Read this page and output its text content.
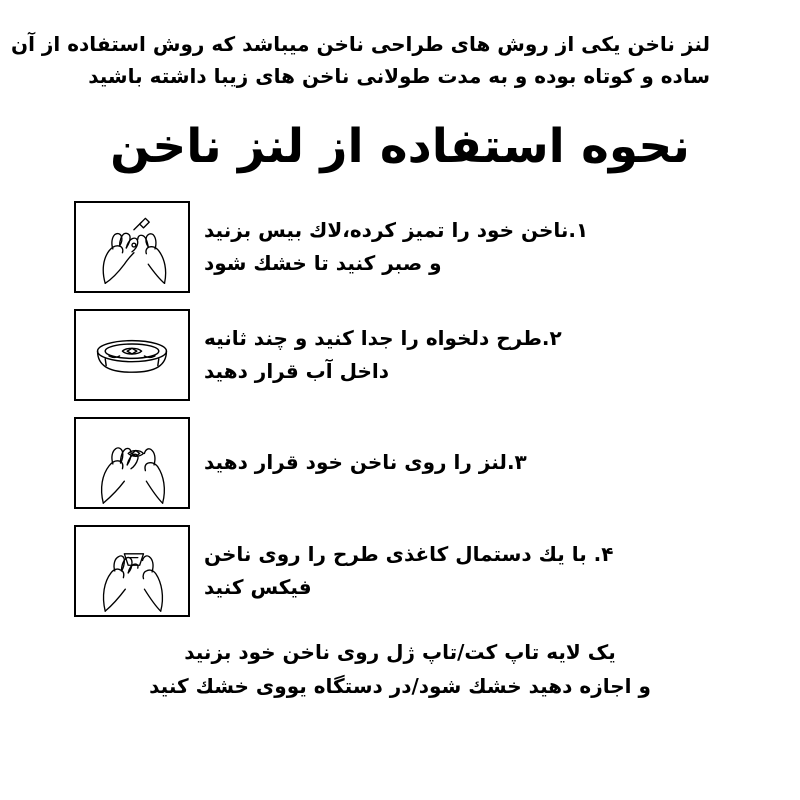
لنز ناخن یکی از روش های طراحی ناخن میباشد که روش استفاده از آن
ساده و کوتاه بوده و به مدت طولانی ناخن های زیبا داشته باشید
نحوه استفاده از لنز ناخن
۱.ناخن خود را تمیز کرده،لاك بیس بزنید
و صبر كنید تا خشك شود
۲.طرح دلخواه را جدا كنید و چند ثانیه
داخل آب قرار دهید
۳.لنز را روی ناخن خود قرار دهید
۴. با يك دستمال كاغذی طرح را روی ناخن
فیكس كنید
یک لایه تاپ كت/تاپ ژل روی ناخن خود بزنید
و اجازه دهید خشك شود/در دستگاه یووی خشك كنید
